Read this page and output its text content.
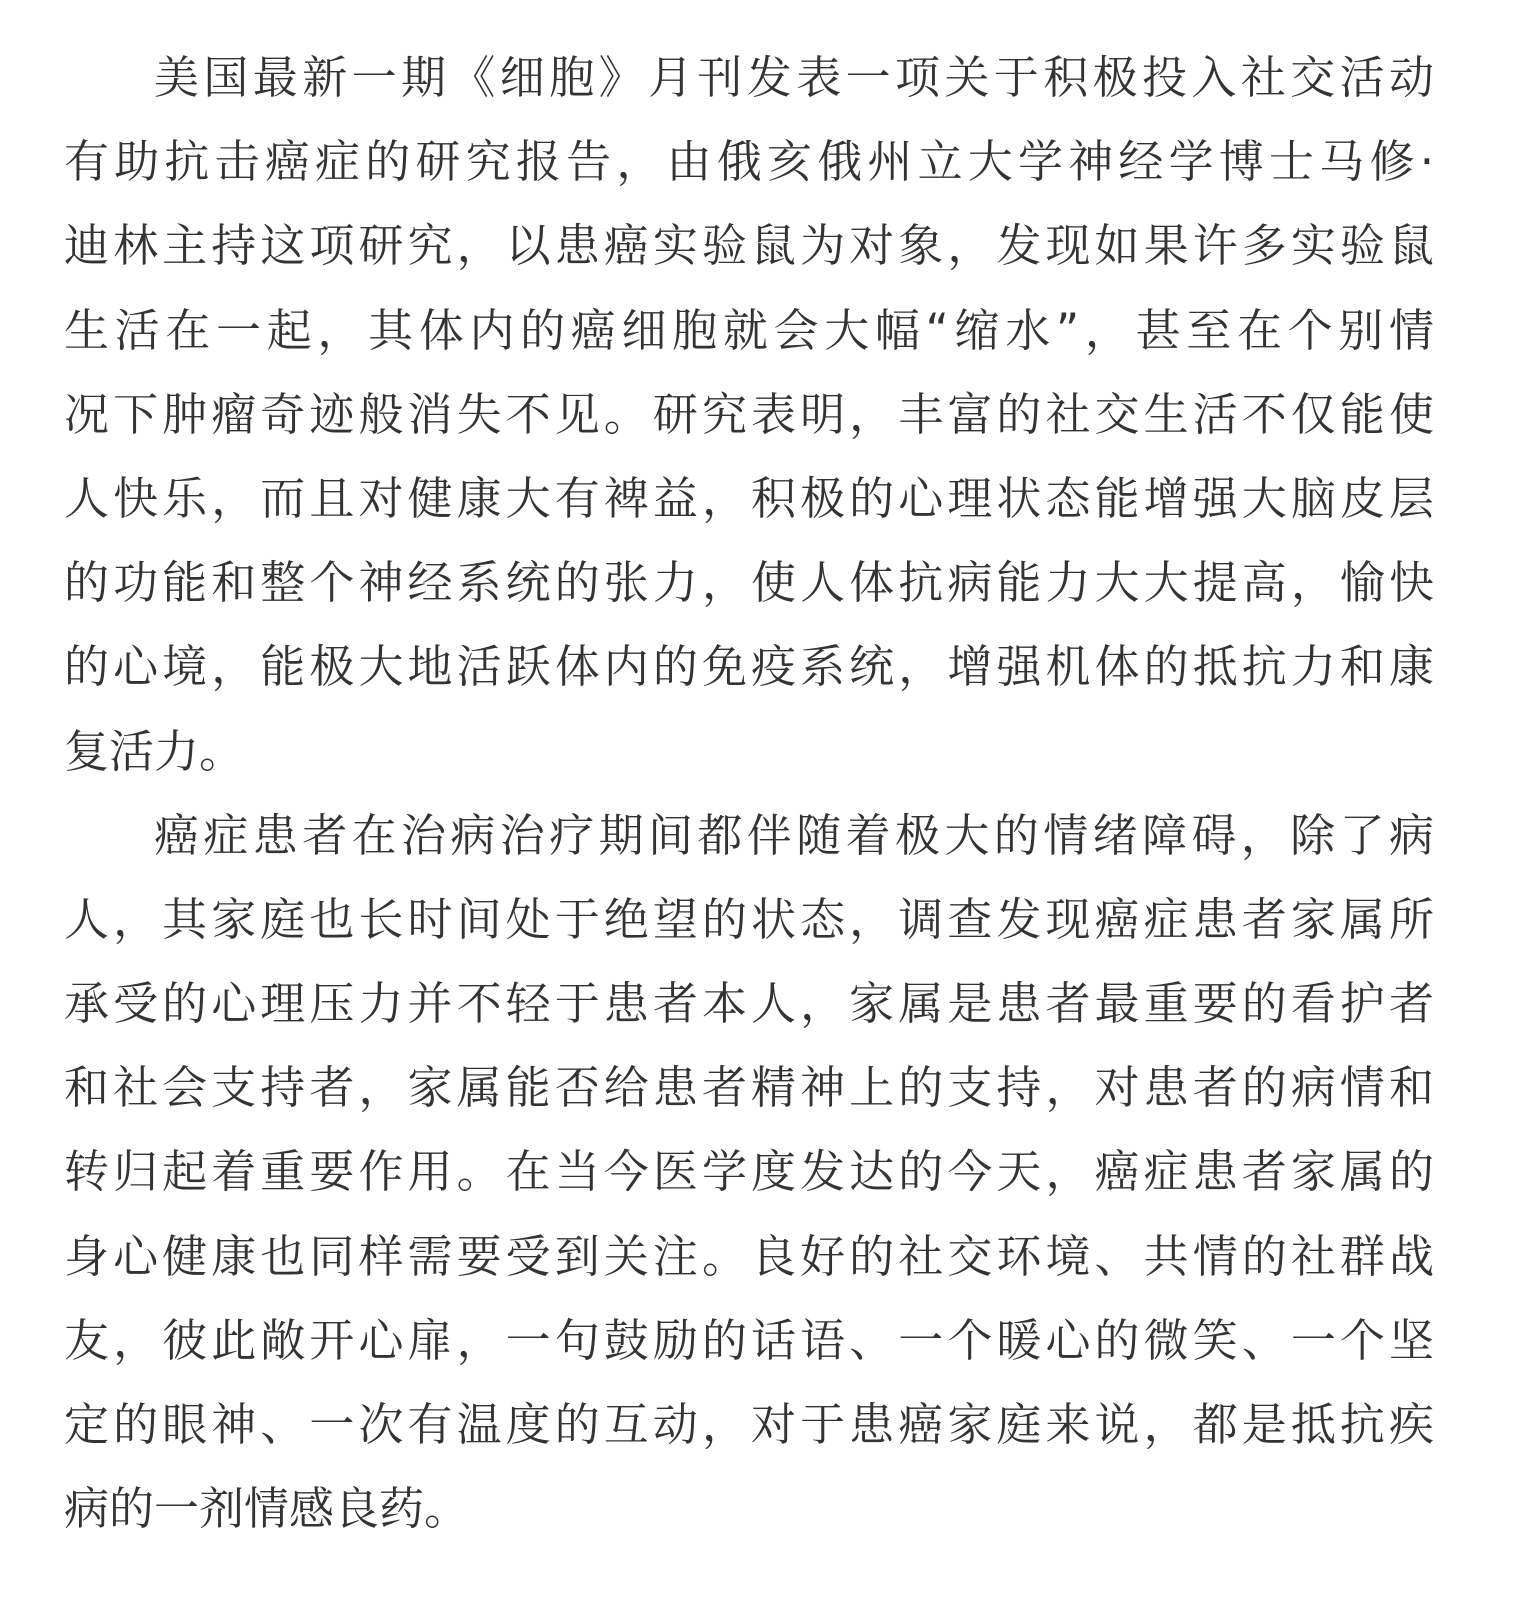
美国最新一期《细胞》月刊发表一项关于积极投入社交活动
有助抗击癌症的研究报告，由俄亥俄州立大学神经学博士马修·
迪林主持这项研究，以患癌实验鼠为对象，发现如果许多实验鼠
生活在一起，其体内的癌细胞就会大幅“缩水”，甚至在个别情
况下肿瘤奇迹般消失不见。研究表明，丰富的社交生活不仅能使
人快乐，而且对健康大有裨益，积极的心理状态能增强大脑皮层
的功能和整个神经系统的张力，使人体抗病能力大大提高，愉快
的心境，能极大地活跃体内的免疫系统，增强机体的抵抗力和康
复活力。
癌症患者在治病治疗期间都伴随着极大的情绪障碍，除了病
人，其家庭也长时间处于绝望的状态，调查发现癌症患者家属所
承受的心理压力并不轻于患者本人，家属是患者最重要的看护者
和社会支持者，家属能否给患者精神上的支持，对患者的病情和
转归起着重要作用。在当今医学度发达的今天，癌症患者家属的
身心健康也同样需要受到关注。良好的社交环境、共情的社群战
友，彼此敞开心扉，一句鼓励的话语、一个暖心的微笑、一个坚
定的眼神、一次有温度的互动，对于患癌家庭来说，都是抵抗疾
病的一剂情感良药。
